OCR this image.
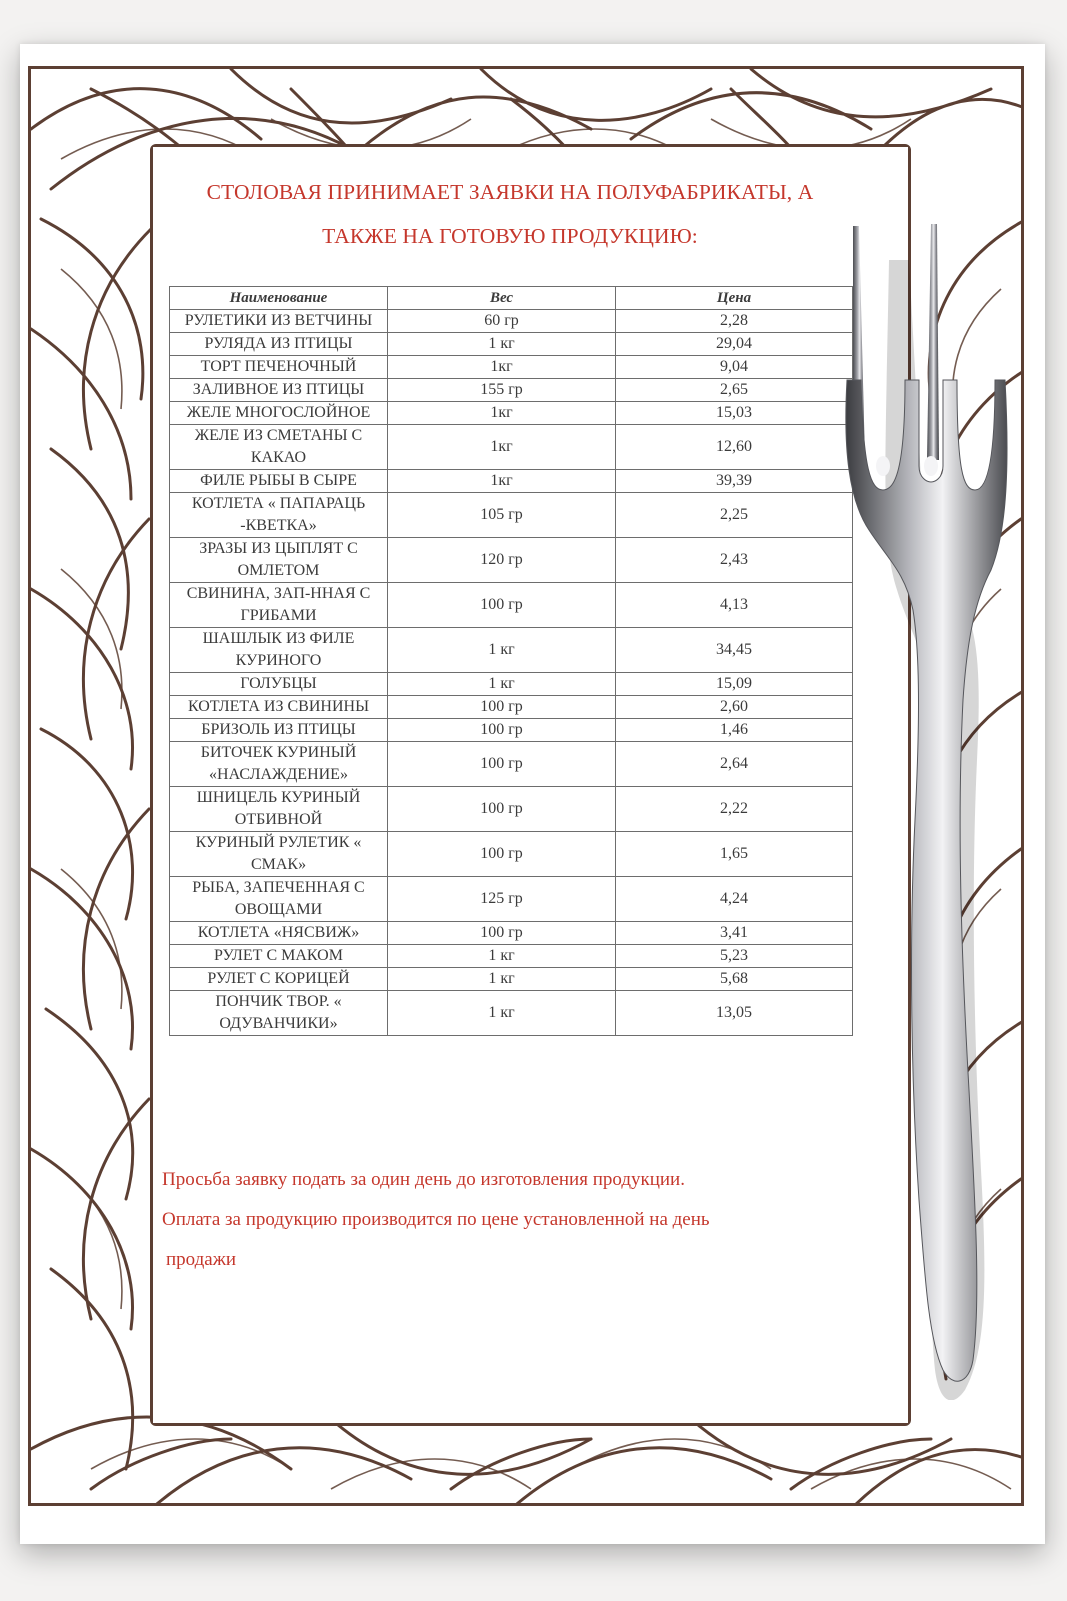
СТОЛОВАЯ ПРИНИМАЕТ ЗАЯВКИ НА ПОЛУФАБРИКАТЫ, А
ТАКЖЕ НА ГОТОВУЮ ПРОДУКЦИЮ:
Наименование	Вес	Цена
РУЛЕТИКИ ИЗ ВЕТЧИНЫ	60 гр	2,28
РУЛЯДА ИЗ ПТИЦЫ	1 кг	29,04
ТОРТ ПЕЧЕНОЧНЫЙ	1кг	9,04
ЗАЛИВНОЕ ИЗ ПТИЦЫ	155 гр	2,65
ЖЕЛЕ МНОГОСЛОЙНОЕ	1кг	15,03
ЖЕЛЕ ИЗ СМЕТАНЫ С КАКАО	1кг	12,60
ФИЛЕ РЫБЫ В СЫРЕ	1кг	39,39
КОТЛЕТА « ПАПАРАЦЬ -КВЕТКА»	105 гр	2,25
ЗРАЗЫ ИЗ ЦЫПЛЯТ С ОМЛЕТОМ	120 гр	2,43
СВИНИНА, ЗАП-ННАЯ С ГРИБАМИ	100 гр	4,13
ШАШЛЫК ИЗ ФИЛЕ КУРИНОГО	1 кг	34,45
ГОЛУБЦЫ	1 кг	15,09
КОТЛЕТА ИЗ СВИНИНЫ	100 гр	2,60
БРИЗОЛЬ ИЗ ПТИЦЫ	100 гр	1,46
БИТОЧЕК КУРИНЫЙ «НАСЛАЖДЕНИЕ»	100 гр	2,64
ШНИЦЕЛЬ КУРИНЫЙ ОТБИВНОЙ	100 гр	2,22
КУРИНЫЙ РУЛЕТИК « СМАК»	100 гр	1,65
РЫБА, ЗАПЕЧЕННАЯ С ОВОЩАМИ	125 гр	4,24
КОТЛЕТА «НЯСВИЖ»	100 гр	3,41
РУЛЕТ С МАКОМ	1 кг	5,23
РУЛЕТ С КОРИЦЕЙ	1 кг	5,68
ПОНЧИК ТВОР. « ОДУВАНЧИКИ»	1 кг	13,05

Просьба заявку подать за один день до изготовления продукции.

Оплата за продукцию производится по цене установленной на день

продажи
